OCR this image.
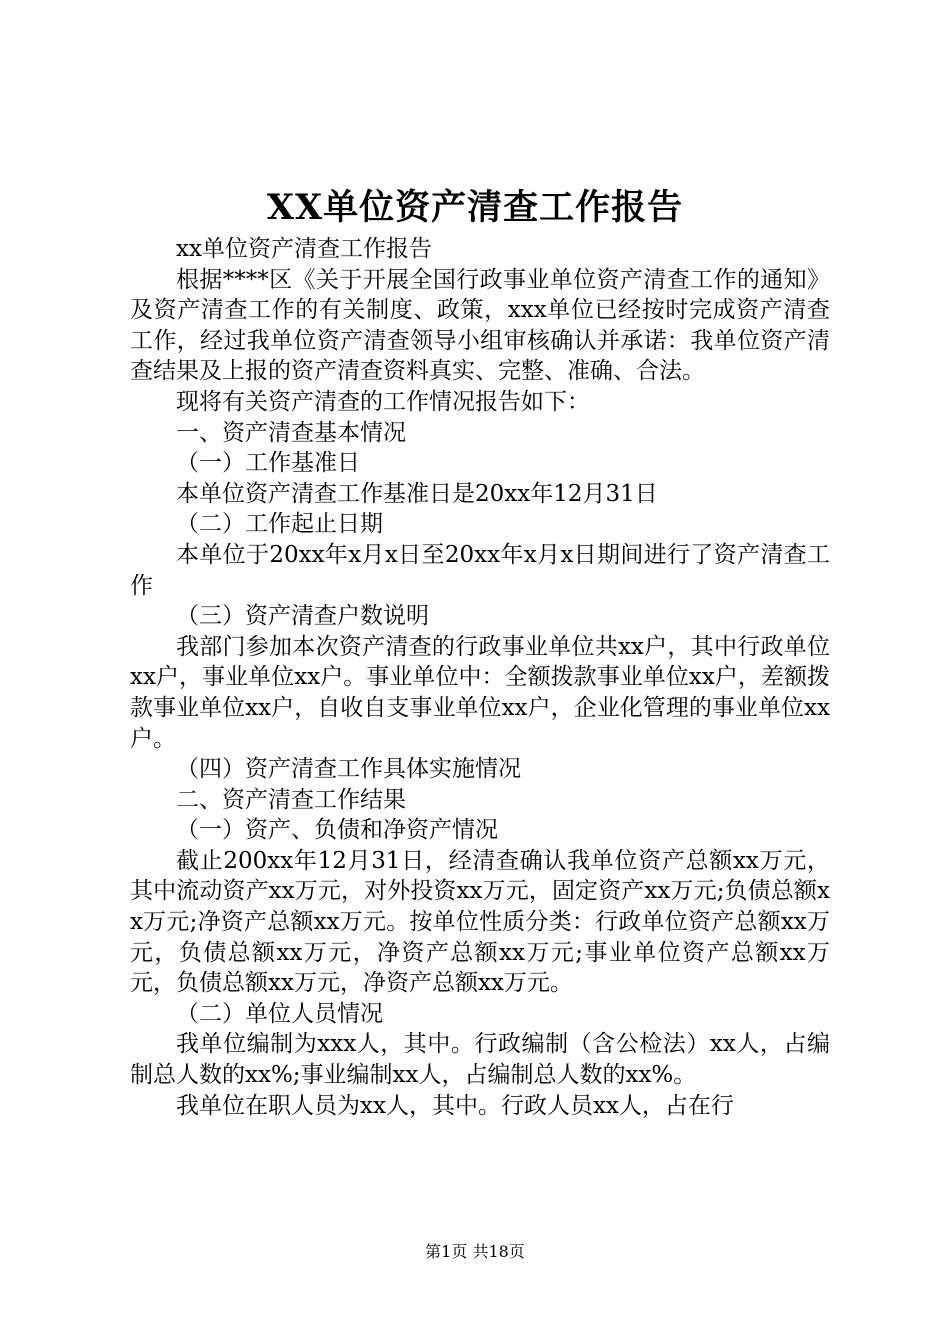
XX单位资产清查工作报告

xx单位资产清查工作报告

根据****区《关于开展全国行政事业单位资产清查工作的通知》及资产清查工作的有关制度、政策，xxx单位已经按时完成资产清查工作，经过我单位资产清查领导小组审核确认并承诺：我单位资产清查结果及上报的资产清查资料真实、完整、准确、合法。

现将有关资产清查的工作情况报告如下：

一、资产清查基本情况

（一）工作基准日

本单位资产清查工作基准日是20xx年12月31日

（二）工作起止日期

本单位于20xx年x月x日至20xx年x月x日期间进行了资产清查工作

（三）资产清查户数说明

我部门参加本次资产清查的行政事业单位共xx户，其中行政单位xx户，事业单位xx户。事业单位中：全额拨款事业单位xx户，差额拨款事业单位xx户，自收自支事业单位xx户，企业化管理的事业单位xx户。

（四）资产清查工作具体实施情况

二、资产清查工作结果

（一）资产、负债和净资产情况

截止200xx年12月31日，经清查确认我单位资产总额xx万元，其中流动资产xx万元，对外投资xx万元，固定资产xx万元;负债总额xx万元;净资产总额xx万元。按单位性质分类：行政单位资产总额xx万元，负债总额xx万元，净资产总额xx万元;事业单位资产总额xx万元，负债总额xx万元，净资产总额xx万元。

（二）单位人员情况

我单位编制为xxx人，其中。行政编制（含公检法）xx人，占编制总人数的xx%;事业编制xx人，占编制总人数的xx%。

我单位在职人员为xx人，其中。行政人员xx人，占在行

第1页 共18页
